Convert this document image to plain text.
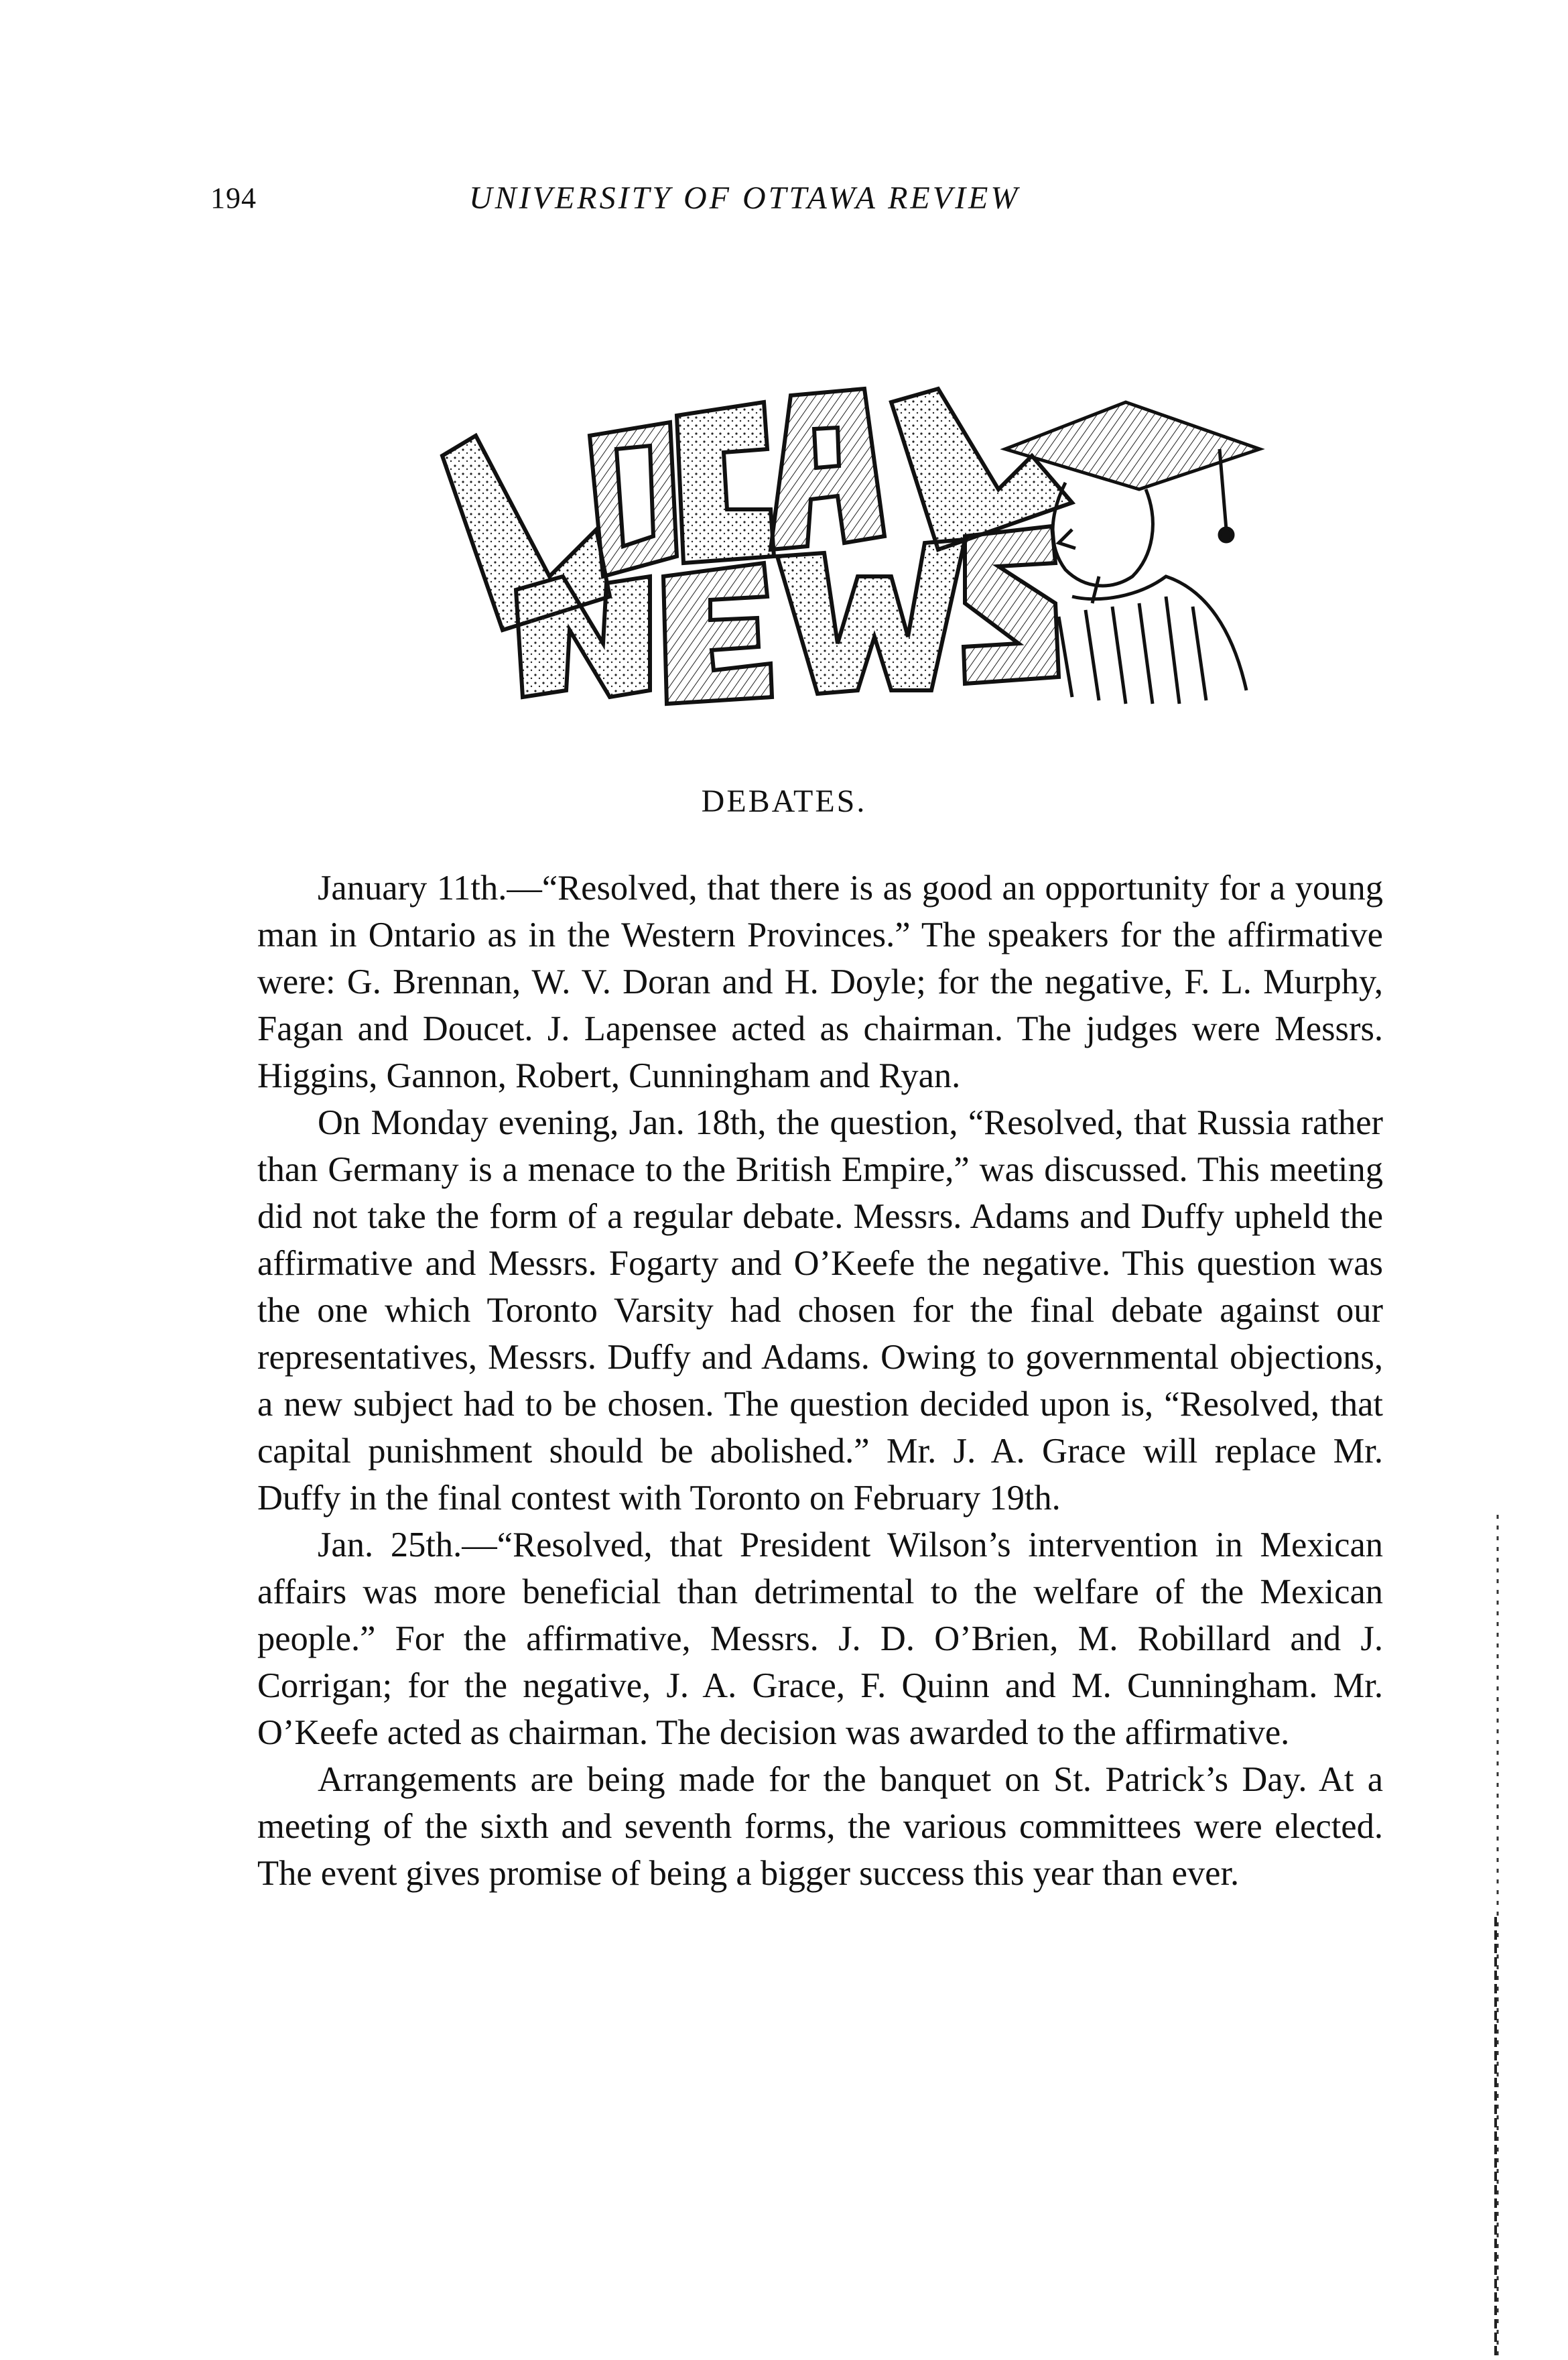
194	UNIVERSITY OF OTTAWA REVIEW
DEBATES.

January 11th.—“Resolved, that there is as good an opportunity for a young man in Ontario as in the Western Provinces.” The speakers for the affirmative were: G. Brennan, W. V. Doran and H. Doyle; for the negative, F. L. Murphy, Fagan and Doucet. J. Lapensee acted as chairman. The judges were Messrs. Higgins, Gannon, Robert, Cunningham and Ryan.

On Monday evening, Jan. 18th, the question, “Resolved, that Russia rather than Germany is a menace to the British Empire,” was discussed. This meeting did not take the form of a regular debate. Messrs. Adams and Duffy upheld the affirmative and Messrs. Fogarty and O’Keefe the negative. This question was the one which Toronto Varsity had chosen for the final debate against our representatives, Messrs. Duffy and Adams. Owing to governmental objections, a new subject had to be chosen. The question decided upon is, “Resolved, that capital punishment should be abolished.” Mr. J. A. Grace will replace Mr. Duffy in the final contest with Toronto on February 19th.

Jan. 25th.—“Resolved, that President Wilson’s intervention in Mexican affairs was more beneficial than detrimental to the welfare of the Mexican people.” For the affirmative, Messrs. J. D. O’Brien, M. Robillard and J. Corrigan; for the negative, J. A. Grace, F. Quinn and M. Cunningham. Mr. O’Keefe acted as chairman. The decision was awarded to the affirmative.

Arrangements are being made for the banquet on St. Patrick’s Day. At a meeting of the sixth and seventh forms, the various committees were elected. The event gives promise of being a bigger success this year than ever.
